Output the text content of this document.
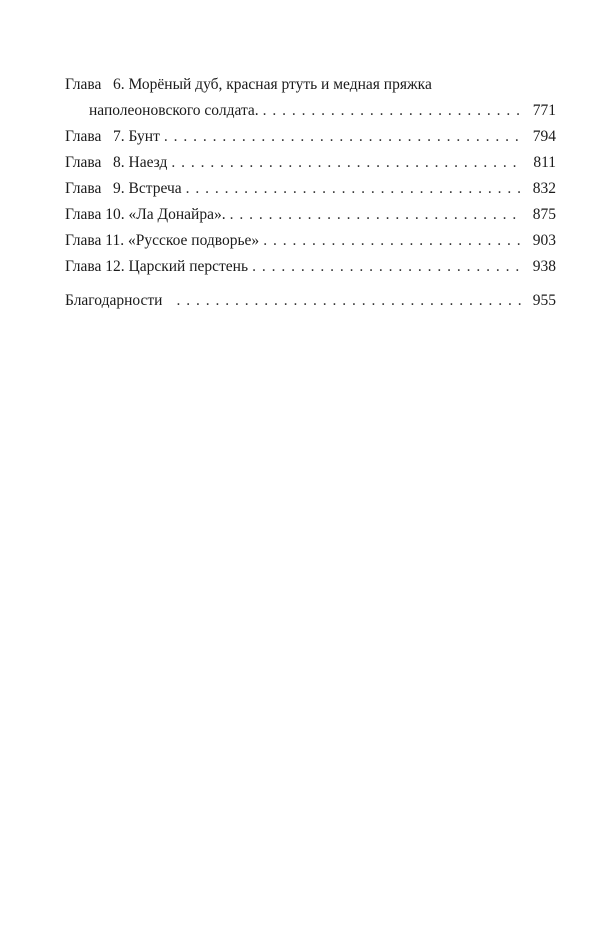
Глава 6. Морёный дуб, красная ртуть и медная пряжка
наполеоновского солдата. . . .	771
Глава 7. Бунт . . .	794
Глава 8. Наезд . . .	811
Глава 9. Встреча . . .	832
Глава 10. «Ла Донайра». . . .	875
Глава 11. «Русское подворье» . . .	903
Глава 12. Царский перстень . . .	938
Благодарности . . .	955
